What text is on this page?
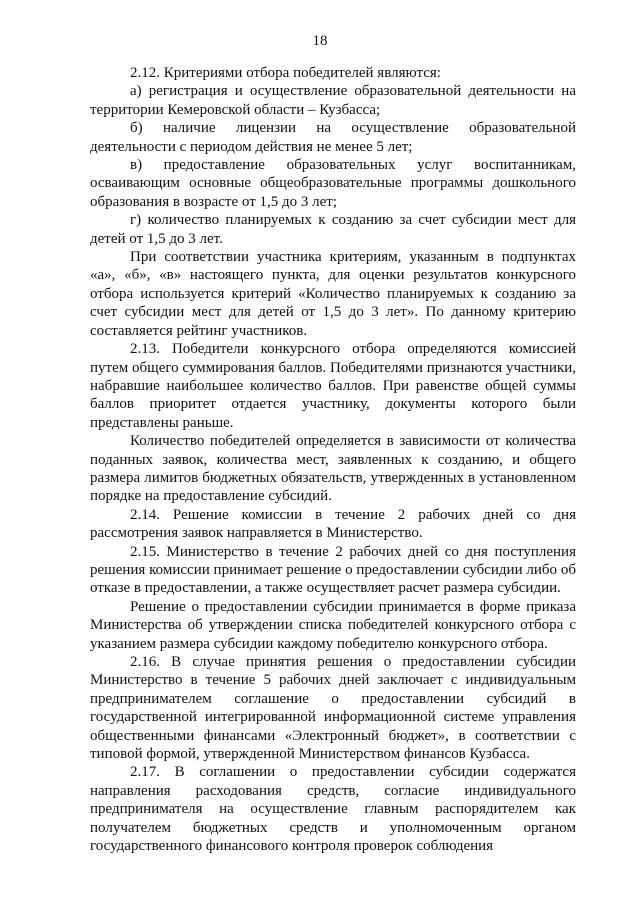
18

2.12. Критериями отбора победителей являются:

а) регистрация и осуществление образовательной деятельности на территории Кемеровской области – Кузбасса;

б) наличие лицензии на осуществление образовательной деятельности с периодом действия не менее 5 лет;

в) предоставление образовательных услуг воспитанникам, осваивающим основные общеобразовательные программы дошкольного образования в возрасте от 1,5 до 3 лет;

г) количество планируемых к созданию за счет субсидии мест для детей от 1,5 до 3 лет.

При соответствии участника критериям, указанным в подпунктах «а», «б», «в» настоящего пункта, для оценки результатов конкурсного отбора используется критерий «Количество планируемых к созданию за счет субсидии мест для детей от 1,5 до 3 лет». По данному критерию составляется рейтинг участников.

2.13. Победители конкурсного отбора определяются комиссией путем общего суммирования баллов. Победителями признаются участники, набравшие наибольшее количество баллов. При равенстве общей суммы баллов приоритет отдается участнику, документы которого были представлены раньше.

Количество победителей определяется в зависимости от количества поданных заявок, количества мест, заявленных к созданию, и общего размера лимитов бюджетных обязательств, утвержденных в установленном порядке на предоставление субсидий.

2.14. Решение комиссии в течение 2 рабочих дней со дня рассмотрения заявок направляется в Министерство.

2.15. Министерство в течение 2 рабочих дней со дня поступления решения комиссии принимает решение о предоставлении субсидии либо об отказе в предоставлении, а также осуществляет расчет размера субсидии.

Решение о предоставлении субсидии принимается в форме приказа Министерства об утверждении списка победителей конкурсного отбора с указанием размера субсидии каждому победителю конкурсного отбора.

2.16. В случае принятия решения о предоставлении субсидии Министерство в течение 5 рабочих дней заключает с индивидуальным предпринимателем соглашение о предоставлении субсидий в государственной интегрированной информационной системе управления общественными финансами «Электронный бюджет», в соответствии с типовой формой, утвержденной Министерством финансов Кузбасса.

2.17. В соглашении о предоставлении субсидии содержатся направления расходования средств, согласие индивидуального предпринимателя на осуществление главным распорядителем как получателем бюджетных средств и уполномоченным органом государственного финансового контроля проверок соблюдения
